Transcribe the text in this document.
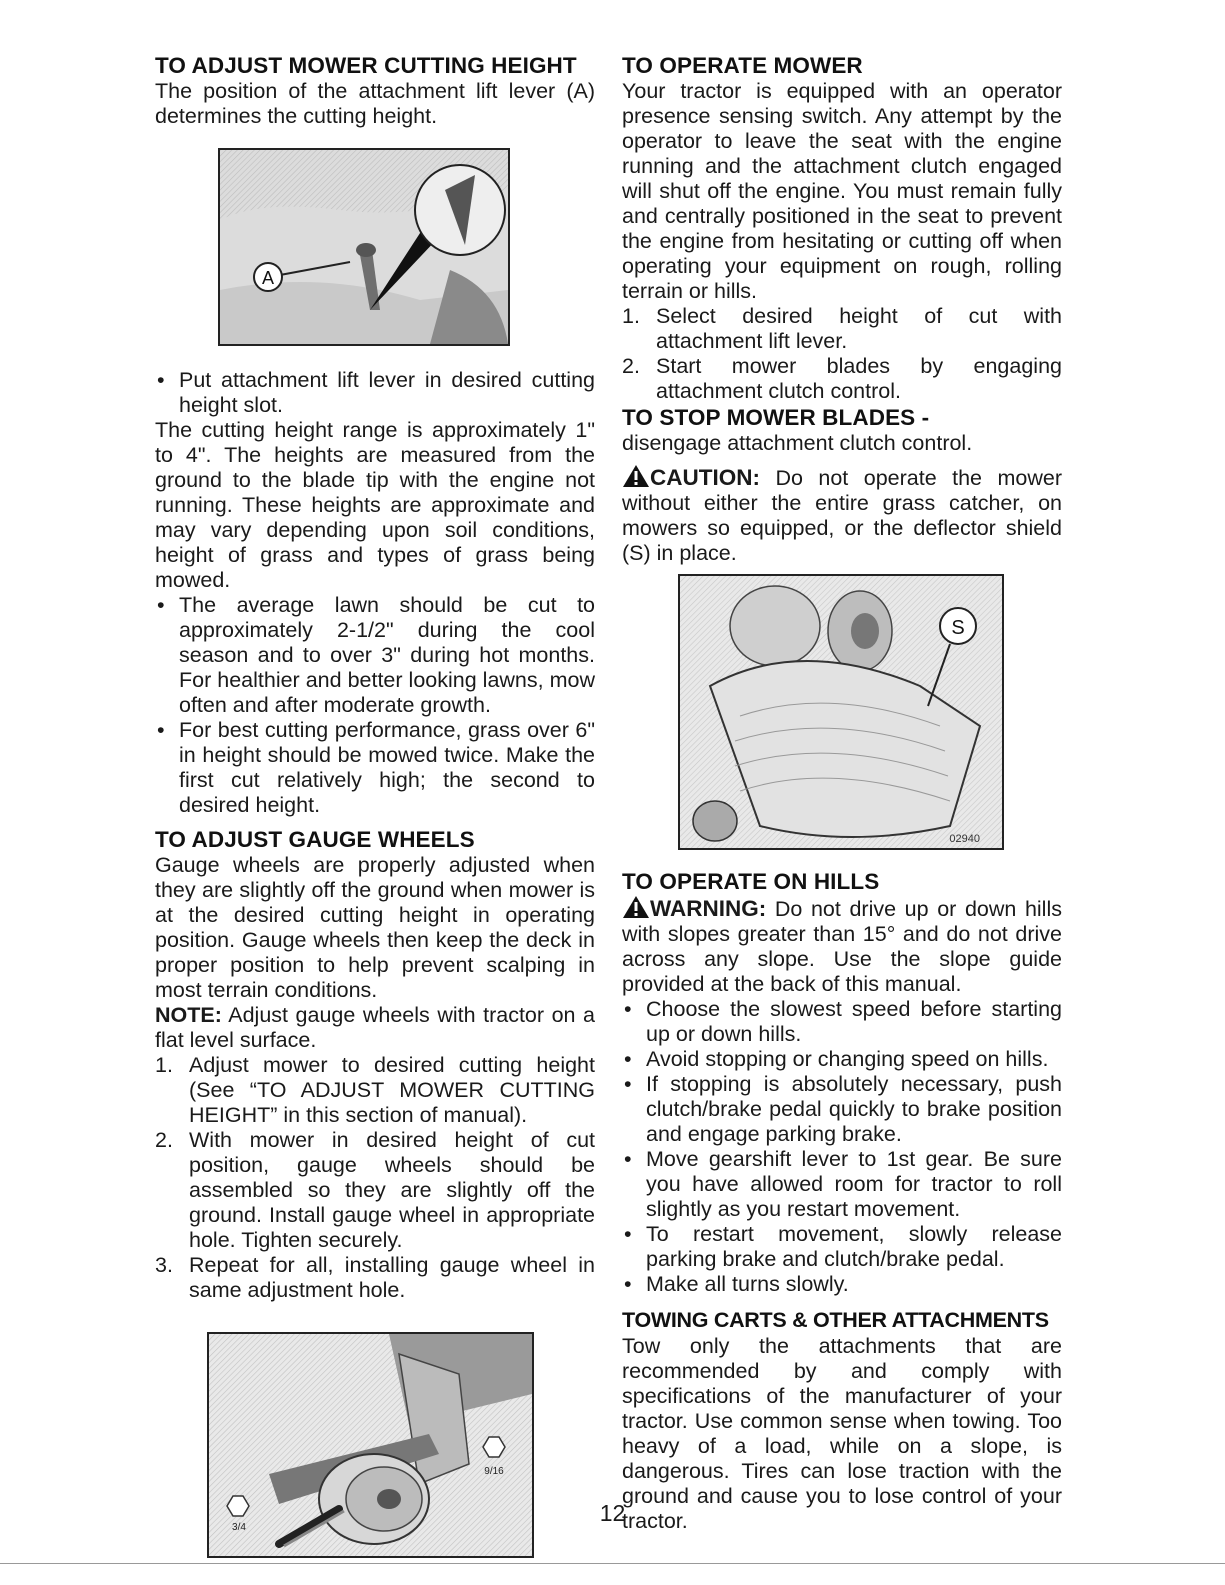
TO ADJUST MOWER CUTTING HEIGHT

The position of the attachment lift lever (A) determines the cutting height.

A
• Put attachment lift lever in desired cutting height slot.

The cutting height range is approximately 1" to 4". The heights are measured from the ground to the blade tip with the engine not running. These heights are approximate and may vary depending upon soil conditions, height of grass and types of grass being mowed.

• The average lawn should be cut to approximately 2-1/2" during the cool season and to over 3" during hot months. For healthier and better looking lawns, mow often and after moderate growth.
• For best cutting performance, grass over 6" in height should be mowed twice. Make the first cut relatively high; the second to desired height.
TO ADJUST GAUGE WHEELS

Gauge wheels are properly adjusted when they are slightly off the ground when mower is at the desired cutting height in operating position. Gauge wheels then keep the deck in proper position to help prevent scalping in most terrain conditions.

NOTE: Adjust gauge wheels with tractor on a flat level surface.

1. Adjust mower to desired cutting height (See “TO ADJUST MOWER CUTTING HEIGHT” in this section of manual).
2. With mower in desired height of cut position, gauge wheels should be assembled so they are slightly off the ground. Install gauge wheel in appropriate hole. Tighten securely.
3. Repeat for all, installing gauge wheel in same adjustment hole.
9/16
3/4
TO OPERATE MOWER

Your tractor is equipped with an operator presence sensing switch. Any attempt by the operator to leave the seat with the engine running and the attachment clutch engaged will shut off the engine. You must remain fully and centrally positioned in the seat to prevent the engine from hesitating or cutting off when operating your equipment on rough, rolling terrain or hills.

1. Select desired height of cut with attachment lift lever.
2. Start mower blades by engaging attachment clutch control.
TO STOP MOWER BLADES -

disengage attachment clutch control.

CAUTION: Do not operate the mower without either the entire grass catcher, on mowers so equipped, or the deflector shield (S) in place.

S
02940
TO OPERATE ON HILLS

WARNING: Do not drive up or down hills with slopes greater than 15° and do not drive across any slope. Use the slope guide provided at the back of this manual.

• Choose the slowest speed before starting up or down hills.
• Avoid stopping or changing speed on hills.
• If stopping is absolutely necessary, push clutch/brake pedal quickly to brake position and engage parking brake.
• Move gearshift lever to 1st gear. Be sure you have allowed room for tractor to roll slightly as you restart movement.
• To restart movement, slowly release parking brake and clutch/brake pedal.
• Make all turns slowly.
TOWING CARTS & OTHER ATTACHMENTS

Tow only the attachments that are recommended by and comply with specifications of the manufacturer of your tractor. Use common sense when towing. Too heavy of a load, while on a slope, is dangerous. Tires can lose traction with the ground and cause you to lose control of your tractor.

12
